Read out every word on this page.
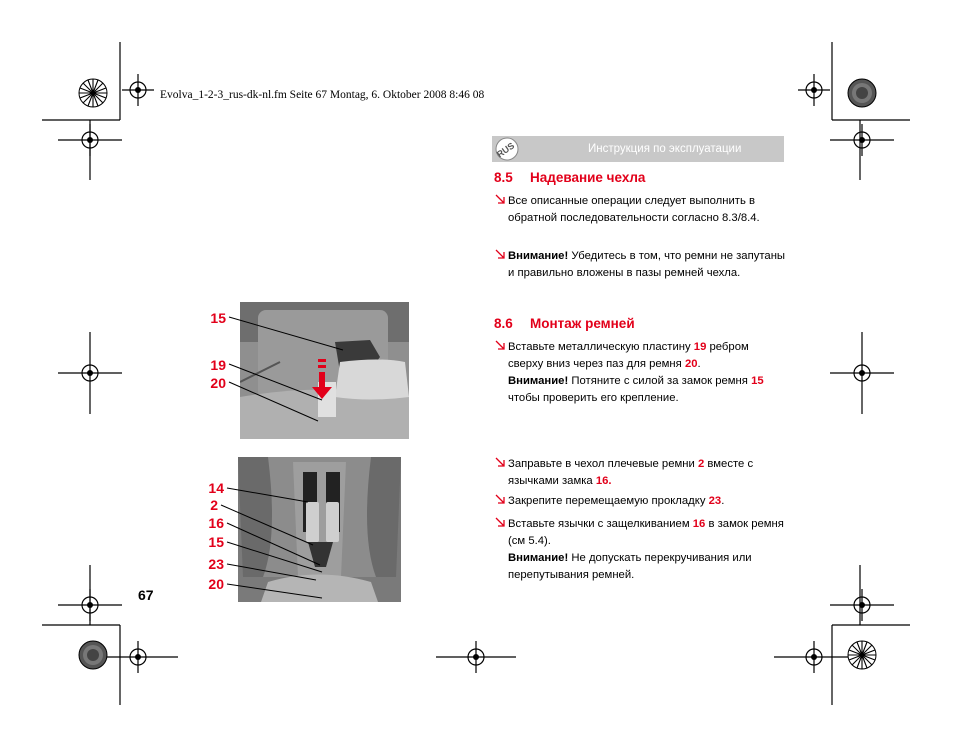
Evolva_1-2-3_rus-dk-nl.fm Seite 67 Montag, 6. Oktober 2008 8:46 08
RUS	Инструкция по эксплуатации
8.5 Надевание чехла
Все описанные операции следует выполнить в обратной последовательности согласно 8.3/8.4.
Внимание! Убедитесь в том, что ремни не запутаны и правильно вложены в пазы ремней чехла.
8.6 Монтаж ремней
Вставьте металлическую пластину 19 ребром сверху вниз через паз для ремня 20.
Внимание! Потяните с силой за замок ремня 15 чтобы проверить его крепление.
Заправьте в чехол плечевые ремни 2 вместе с язычками замка 16.
Закрепите перемещаемую прокладку 23.
Вставьте язычки с защелкиванием 16 в замок ремня (см 5.4).
Внимание! Не допускать перекручивания или перепутывания ремней.
67
15
19
20
14
2
16
15
23
20
